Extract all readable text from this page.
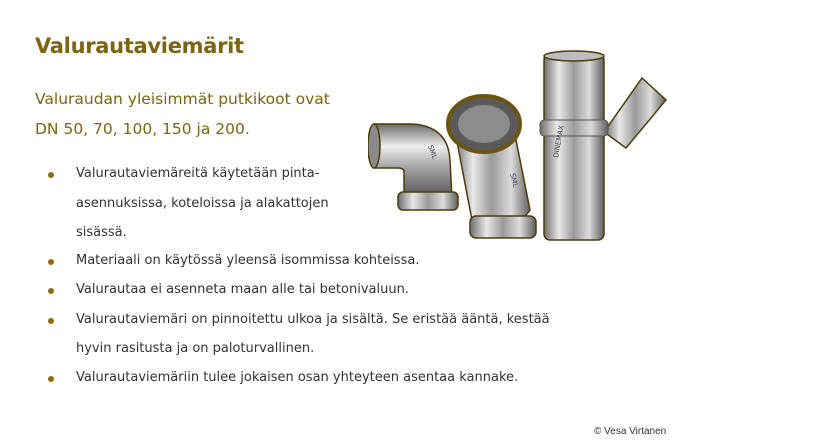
Valurautaviemärit
Valuraudan yleisimmät putkikoot ovat
DN 50, 70, 100, 150 ja 200.
Valurautaviemäreitä käytetään pinta-
asennuksissa, koteloissa ja alakattojen
sisässä.
Materiaali on käytössä yleensä isommissa kohteissa.
Valurautaa ei asenneta maan alle tai betonivaluun.
Valurautaviemäri on pinnoitettu ulkoa ja sisältä. Se eristää ääntä, kestää
hyvin rasitusta ja on paloturvallinen.
Valurautaviemäriin tulee jokaisen osan yhteyteen asentaa kannake.
DINEMAX
SML
SML
© Vesa Virtanen
